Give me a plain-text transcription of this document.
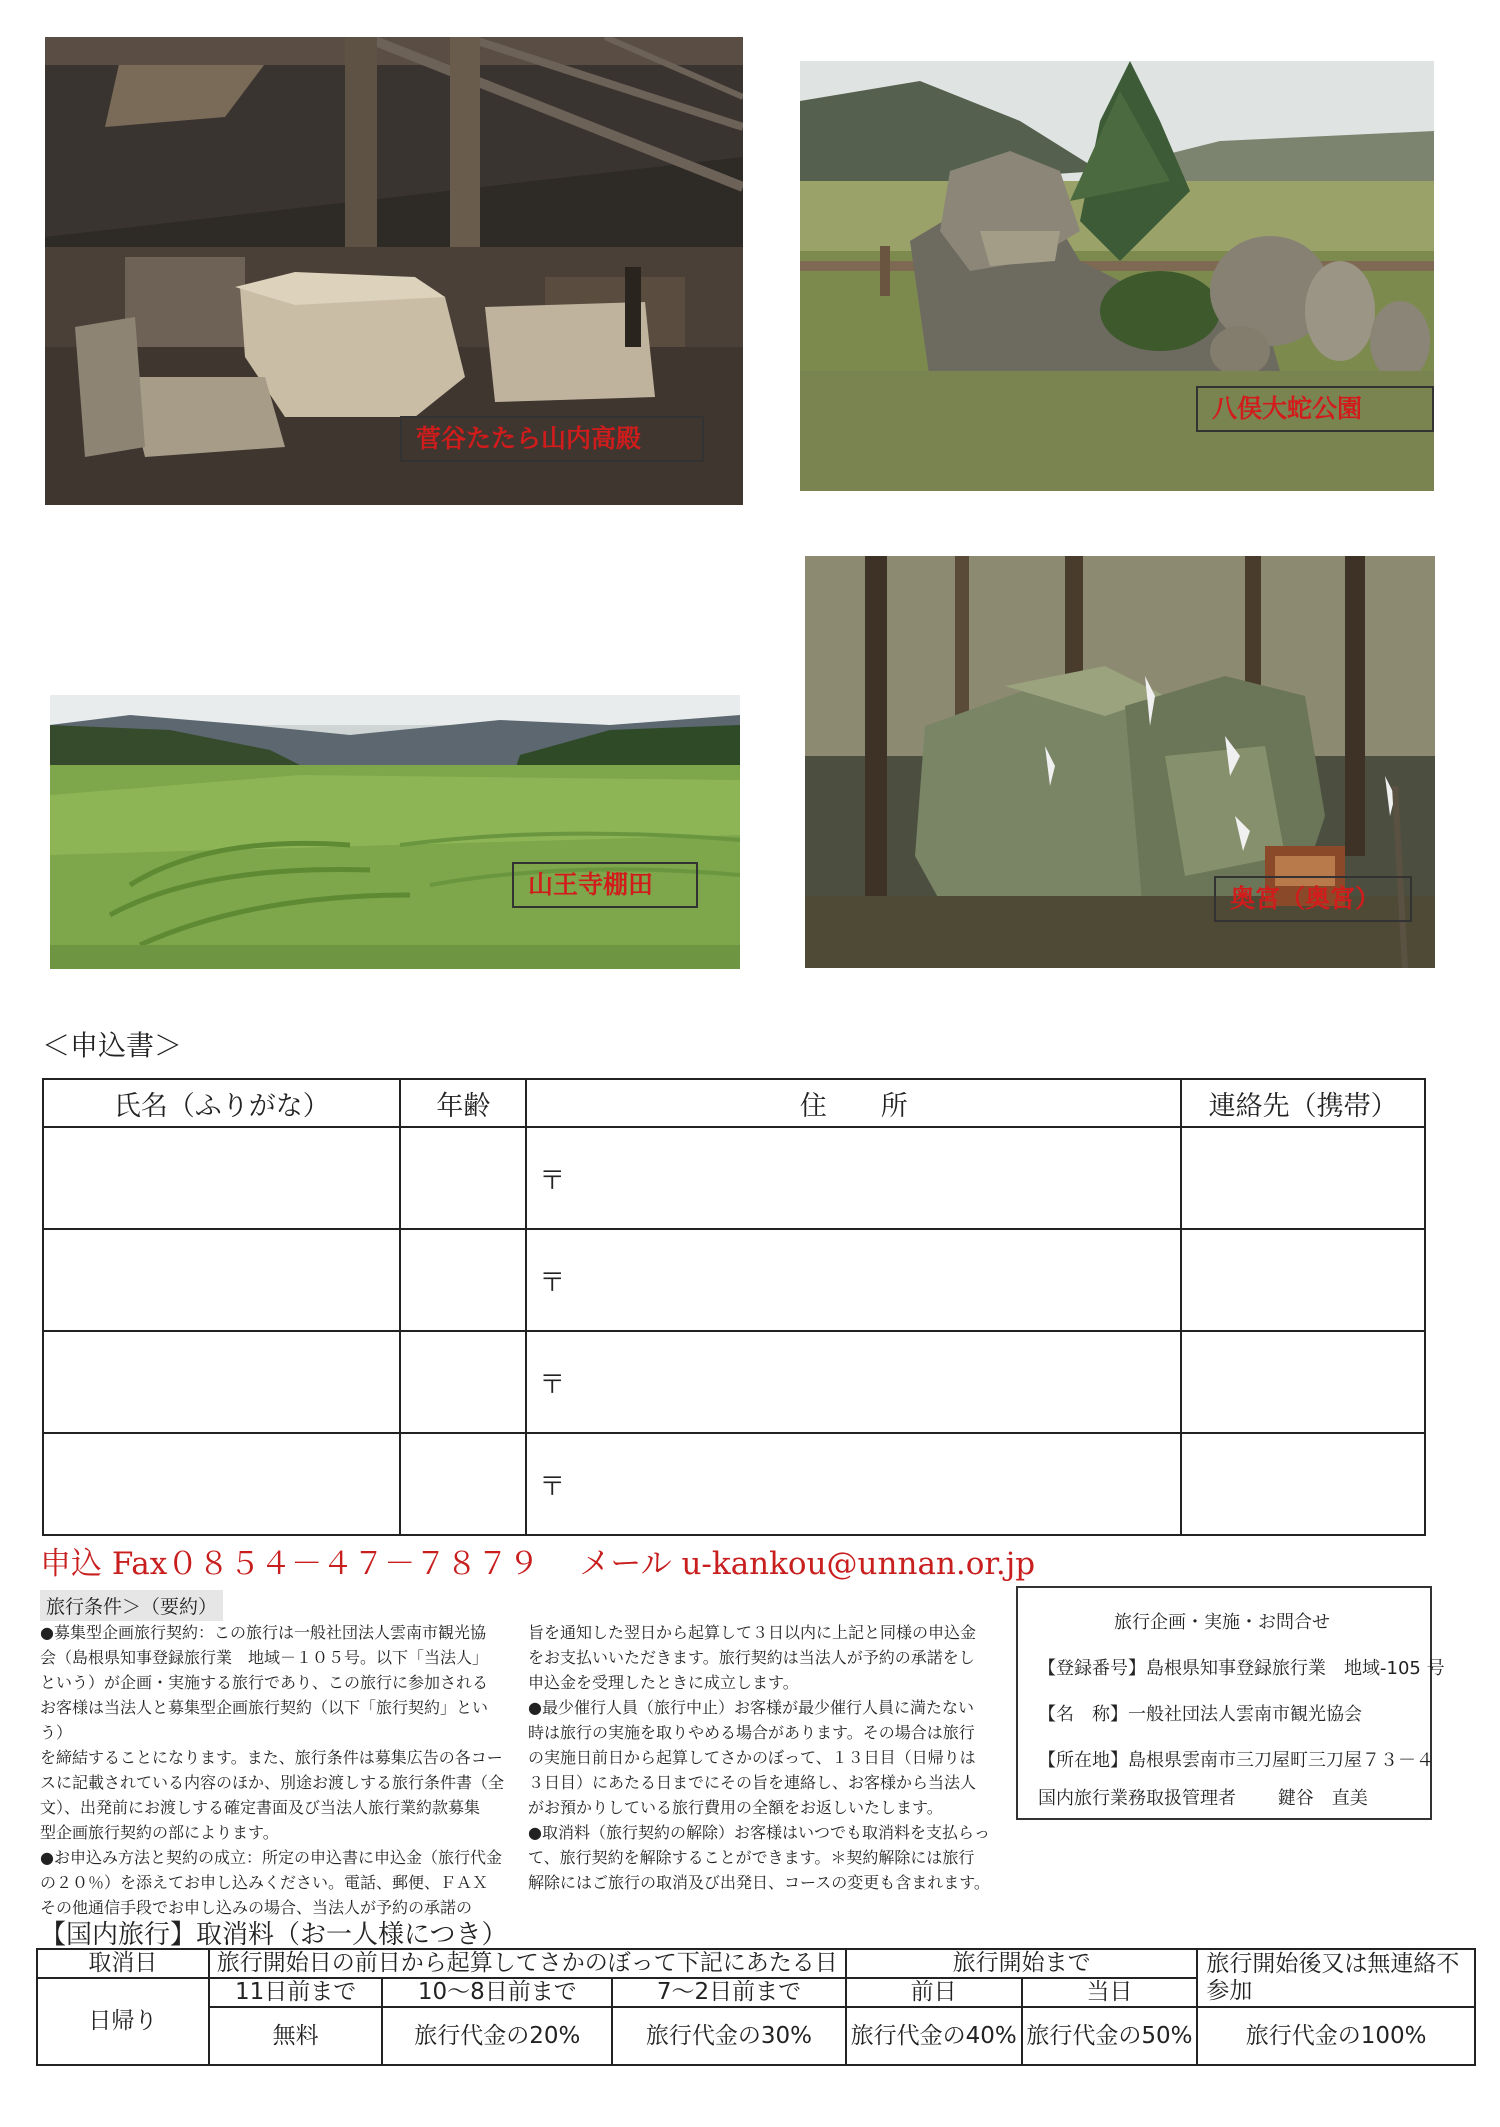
菅谷たたら山内高殿
八俣大蛇公園
山王寺棚田	奥宮（奥宮）
＜申込書＞
氏名（ふりがな）	年齢	住　　所	連絡先（携帯）
		〒	
		〒	
		〒	
		〒	
申込 Fax０８５４－４７－７８７９ メール u-kankou@unnan.or.jp
旅行条件＞（要約）

●募集型企画旅行契約：この旅行は一般社団法人雲南市観光協

会（島根県知事登録旅行業　地域－１０５号。以下「当法人」

という）が企画・実施する旅行であり、この旅行に参加される

お客様は当法人と募集型企画旅行契約（以下「旅行契約」という）

を締結することになります。また、旅行条件は募集広告の各コー

スに記載されている内容のほか、別途お渡しする旅行条件書（全

文）、出発前にお渡しする確定書面及び当法人旅行業約款募集

型企画旅行契約の部によります。

●お申込み方法と契約の成立：所定の申込書に申込金（旅行代金

の２０％）を添えてお申し込みください。電話、郵便、ＦＡＸ

その他通信手段でお申し込みの場合、当法人が予約の承諾の

旨を通知した翌日から起算して３日以内に上記と同様の申込金

をお支払いいただきます。旅行契約は当法人が予約の承諾をし

申込金を受理したときに成立します。

●最少催行人員（旅行中止）お客様が最少催行人員に満たない

時は旅行の実施を取りやめる場合があります。その場合は旅行

の実施日前日から起算してさかのぼって、１３日目（日帰りは

３日目）にあたる日までにその旨を連絡し、お客様から当法人

がお預かりしている旅行費用の全額をお返しいたします。

●取消料（旅行契約の解除）お客様はいつでも取消料を支払らっ

て、旅行契約を解除することができます。＊契約解除には旅行

解除にはご旅行の取消及び出発日、コースの変更も含まれます。

旅行企画・実施・お問合せ
【登録番号】島根県知事登録旅行業　地域-105 号
【名　称】一般社団法人雲南市観光協会
【所在地】島根県雲南市三刀屋町三刀屋７３－４
国内旅行業務取扱管理者　　 鍵谷　直美
【国内旅行】取消料（お一人様につき）
取消日	旅行開始日の前日から起算してさかのぼって下記にあたる日			旅行開始まで		旅行開始後又は無連絡不参加
日帰り	11日前まで	10～8日前まで	7～2日前まで	前日	当日	
	無料	旅行代金の20%	旅行代金の30%	旅行代金の40%	旅行代金の50%	旅行代金の100%
